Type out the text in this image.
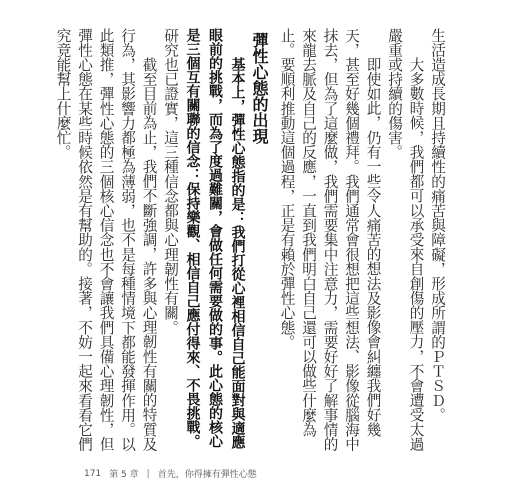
生活造成長期且持續性的痛苦與障礙，形成所謂的ＰＴＳＤ。

大多數時候，我們都可以承受來自創傷的壓力，不會遭受太過嚴重或持續的傷害。

即使如此，仍有一些令人痛苦的想法及影像會糾纏我們好幾天，甚至好幾個禮拜。我們通常會很想把這些想法、影像從腦海中抹去，但為了這麼做，我們需要集中注意力，需要好好了解事情的來龍去脈及自己的反應，一直到我們明白自己還可以做些什麼為止。要順利推動這個過程，正是有賴於彈性心態。

彈性心態的出現

基本上，彈性心態指的是：我們打從心裡相信自己能面對與適應眼前的挑戰，而為了度過難關，會做任何需要做的事。此心態的核心是三個互有關聯的信念：保持樂觀、相信自己應付得來、不畏挑戰。研究也已證實，這三種信念都與心理韌性有關。

截至目前為止，我們不斷強調，許多與心理韌性有關的特質及行為，其影響力都極為薄弱，也不是每種情境下都能發揮作用。以此類推，彈性心態的三個核心信念也不會讓我們具備心理韌性，但彈性心態在某些時候依然是有幫助的。接著，不妨一起來看看它們究竟能幫上什麼忙。

171 第 5 章 | 首先，你得擁有彈性心態
